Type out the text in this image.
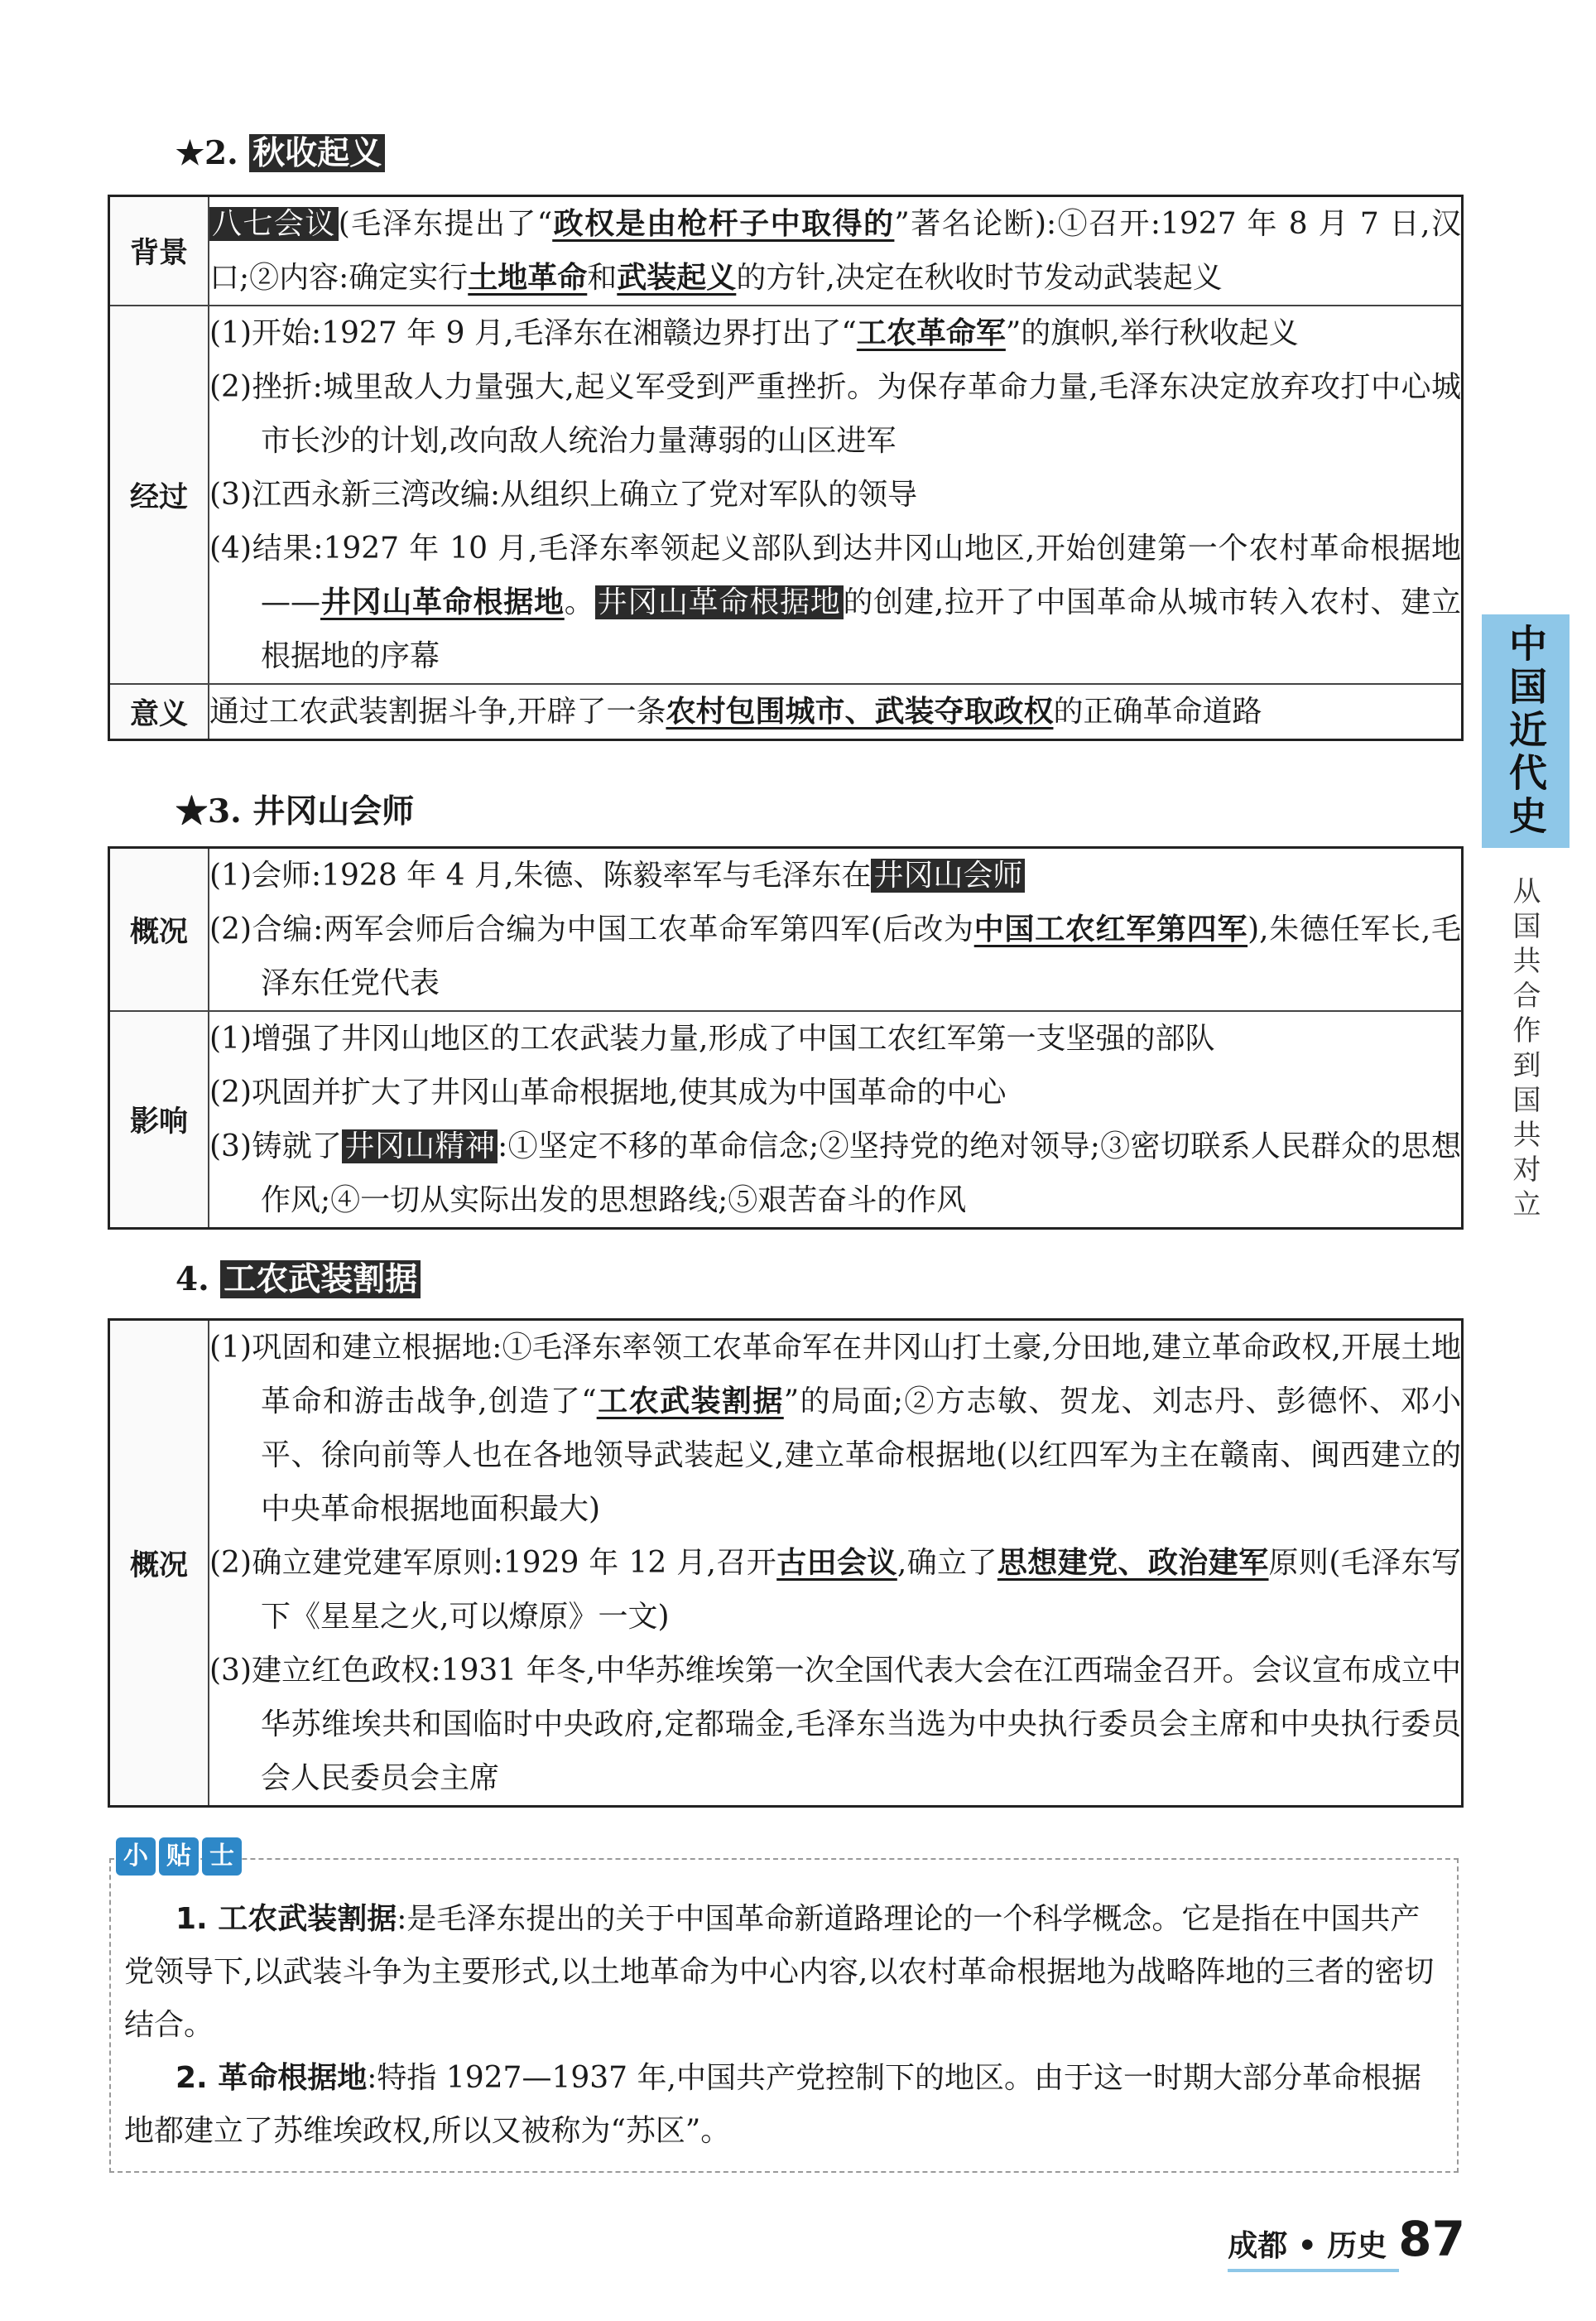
★2. 秋收起义
背景	八七会议(毛泽东提出了“政权是由枪杆子中取得的”著名论断):①召开:1927 年 8 月 7 日,汉口;②内容:确定实行土地革命和武装起义的方针,决定在秋收时节发动武装起义
经过	(1)开始:1927 年 9 月,毛泽东在湘赣边界打出了“工农革命军”的旗帜,举行秋收起义
(2)挫折:城里敌人力量强大,起义军受到严重挫折。为保存革命力量,毛泽东决定放弃攻打中心城市长沙的计划,改向敌人统治力量薄弱的山区进军
(3)江西永新三湾改编:从组织上确立了党对军队的领导
(4)结果:1927 年 10 月,毛泽东率领起义部队到达井冈山地区,开始创建第一个农村革命根据地——井冈山革命根据地。井冈山革命根据地的创建,拉开了中国革命从城市转入农村、建立根据地的序幕

意义	通过工农武装割据斗争,开辟了一条农村包围城市、武装夺取政权的正确革命道路
★3. 井冈山会师
概况	(1)会师:1928 年 4 月,朱德、陈毅率军与毛泽东在井冈山会师
(2)合编:两军会师后合编为中国工农革命军第四军(后改为中国工农红军第四军),朱德任军长,毛泽东任党代表

影响	(1)增强了井冈山地区的工农武装力量,形成了中国工农红军第一支坚强的部队
(2)巩固并扩大了井冈山革命根据地,使其成为中国革命的中心
(3)铸就了井冈山精神:①坚定不移的革命信念;②坚持党的绝对领导;③密切联系人民群众的思想作风;④一切从实际出发的思想路线;⑤艰苦奋斗的作风
4. 工农武装割据
概况	
(1)巩固和建立根据地:①毛泽东率领工农革命军在井冈山打土豪,分田地,建立革命政权,开展土地革命和游击战争,创造了“工农武装割据”的局面;②方志敏、贺龙、刘志丹、彭德怀、邓小平、徐向前等人也在各地领导武装起义,建立革命根据地(以红四军为主在赣南、闽西建立的中央革命根据地面积最大)
(2)确立建党建军原则:1929 年 12 月,召开古田会议,确立了思想建党、政治建军原则(毛泽东写下《星星之火,可以燎原》一文)
(3)建立红色政权:1931 年冬,中华苏维埃第一次全国代表大会在江西瑞金召开。会议宣布成立中华苏维埃共和国临时中央政府,定都瑞金,毛泽东当选为中央执行委员会主席和中央执行委员会人民委员会主席

1. 工农武装割据:是毛泽东提出的关于中国革命新道路理论的一个科学概念。它是指在中国共产党领导下,以武装斗争为主要形式,以土地革命为中心内容,以农村革命根据地为战略阵地的三者的密切结合。

2. 革命根据地:特指 1927—1937 年,中国共产党控制下的地区。由于这一时期大部分革命根据地都建立了苏维埃政权,所以又被称为“苏区”。

小 贴 士
中国近代史
从国共合作到国共对立
成都 • 历史 87
